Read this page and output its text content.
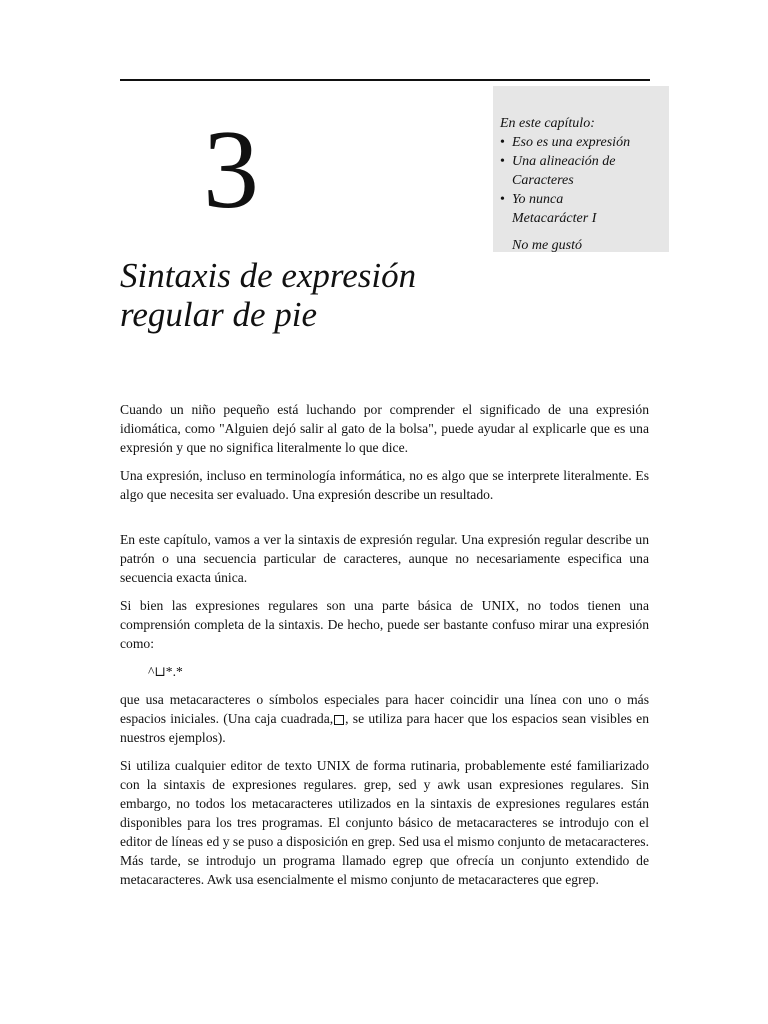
3	En este capítulo:
• Eso es una expresión
• Una alineación de
Caracteres
• Yo nunca
Metacarácter I
No me gustó
Sintaxis de expresión
regular de pie

Cuando un niño pequeño está luchando por comprender el significado de una expresión idiomática, como "Alguien dejó salir al gato de la bolsa", puede ayudar al explicarle que es una expresión y que no significa literalmente lo que dice.

Una expresión, incluso en terminología informática, no es algo que se interprete literalmente. Es algo que necesita ser evaluado. Una expresión describe un resultado.

En este capítulo, vamos a ver la sintaxis de expresión regular. Una expresión regular describe un patrón o una secuencia particular de caracteres, aunque no necesariamente especifica una secuencia exacta única.

Si bien las expresiones regulares son una parte básica de UNIX, no todos tienen una comprensión completa de la sintaxis. De hecho, puede ser bastante confuso mirar una expresión como:

^⊔*.*

que usa metacaracteres o símbolos especiales para hacer coincidir una línea con uno o más espacios iniciales. (Una caja cuadrada, , se utiliza para hacer que los espacios sean visibles en nuestros ejemplos).

Si utiliza cualquier editor de texto UNIX de forma rutinaria, probablemente esté familiarizado con la sintaxis de expresiones regulares. grep, sed y awk usan expresiones regulares. Sin embargo, no todos los metacaracteres utilizados en la sintaxis de expresiones regulares están disponibles para los tres programas. El conjunto básico de metacaracteres se introdujo con el editor de líneas ed y se puso a disposición en grep. Sed usa el mismo conjunto de metacaracteres. Más tarde, se introdujo un programa llamado egrep que ofrecía un conjunto extendido de metacaracteres. Awk usa esencialmente el mismo conjunto de metacaracteres que egrep.
